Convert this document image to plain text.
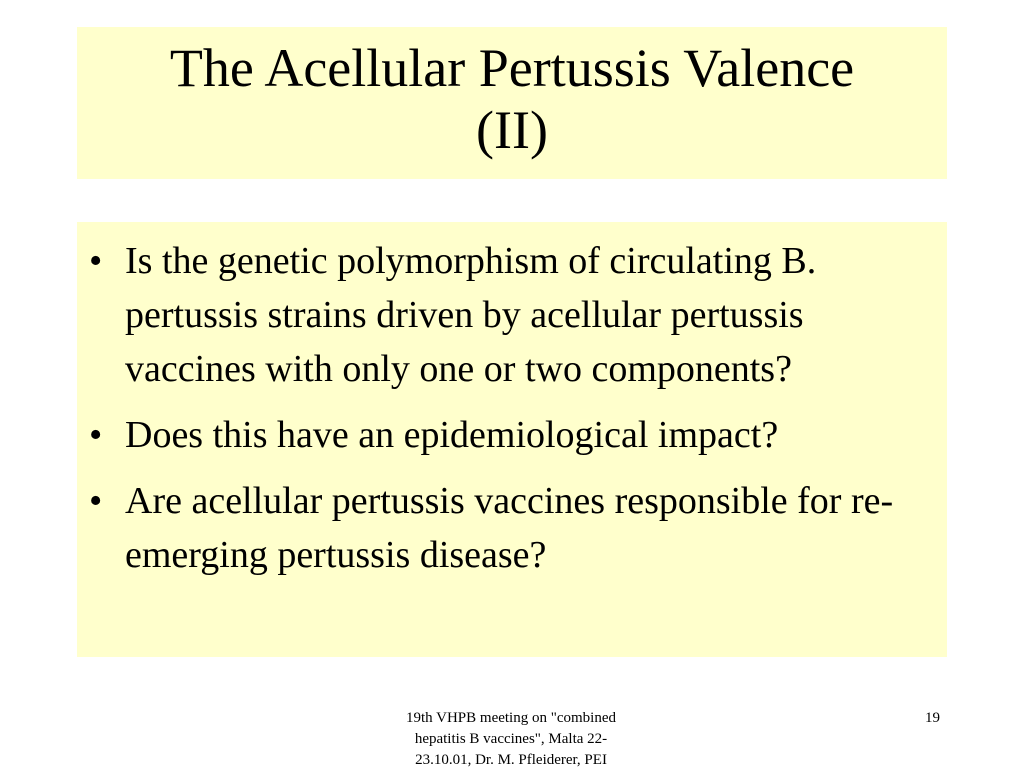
The Acellular Pertussis Valence
(II)
• Is the genetic polymorphism of circulating B. pertussis strains driven by acellular pertussis vaccines with only one or two components?
• Does this have an epidemiological impact?
• Are acellular pertussis vaccines responsible for re-emerging pertussis disease?
19th VHPB meeting on "combined
hepatitis B vaccines", Malta 22-
23.10.01, Dr. M. Pfleiderer, PEI
19
